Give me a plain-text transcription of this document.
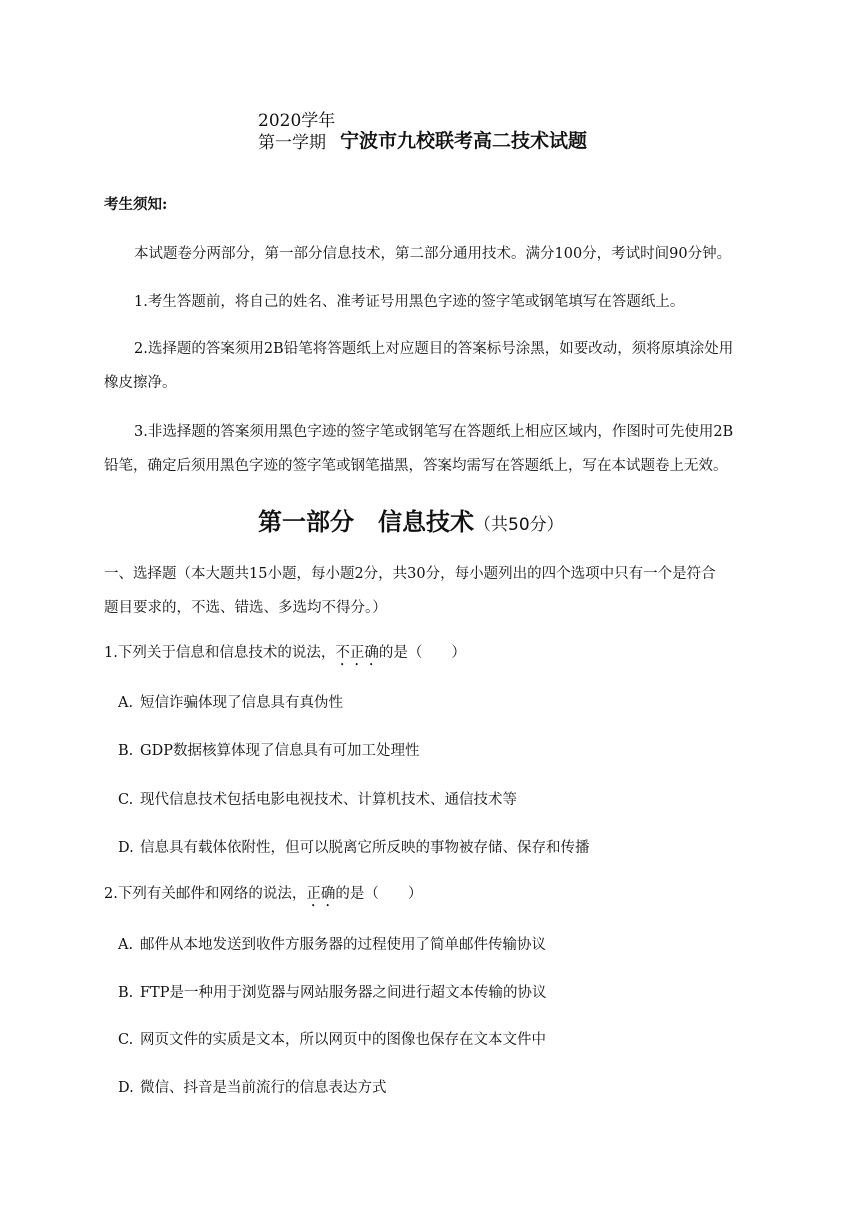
2020学年
第一学期 宁波市九校联考高二技术试题
考生须知:
本试题卷分两部分，第一部分信息技术，第二部分通用技术。满分100分，考试时间90分钟。
1.考生答题前，将自己的姓名、准考证号用黑色字迹的签字笔或钢笔填写在答题纸上。
2.选择题的答案须用2B铅笔将答题纸上对应题目的答案标号涂黑，如要改动，须将原填涂处用
橡皮擦净。
3.非选择题的答案须用黑色字迹的签字笔或钢笔写在答题纸上相应区域内，作图时可先使用2B
铅笔，确定后须用黑色字迹的签字笔或钢笔描黑，答案均需写在答题纸上，写在本试题卷上无效。
第一部分　信息技术（共50分）
一、选择题（本大题共15小题，每小题2分，共30分，每小题列出的四个选项中只有一个是符合
题目要求的，不选、错选、多选均不得分。）
1.下列关于信息和信息技术的说法，不正确的是（　　）
A. 短信诈骗体现了信息具有真伪性
B. GDP数据核算体现了信息具有可加工处理性
C. 现代信息技术包括电影电视技术、计算机技术、通信技术等
D. 信息具有载体依附性，但可以脱离它所反映的事物被存储、保存和传播
2.下列有关邮件和网络的说法，正确的是（　　）
A. 邮件从本地发送到收件方服务器的过程使用了简单邮件传输协议
B. FTP是一种用于浏览器与网站服务器之间进行超文本传输的协议
C. 网页文件的实质是文本，所以网页中的图像也保存在文本文件中
D. 微信、抖音是当前流行的信息表达方式
